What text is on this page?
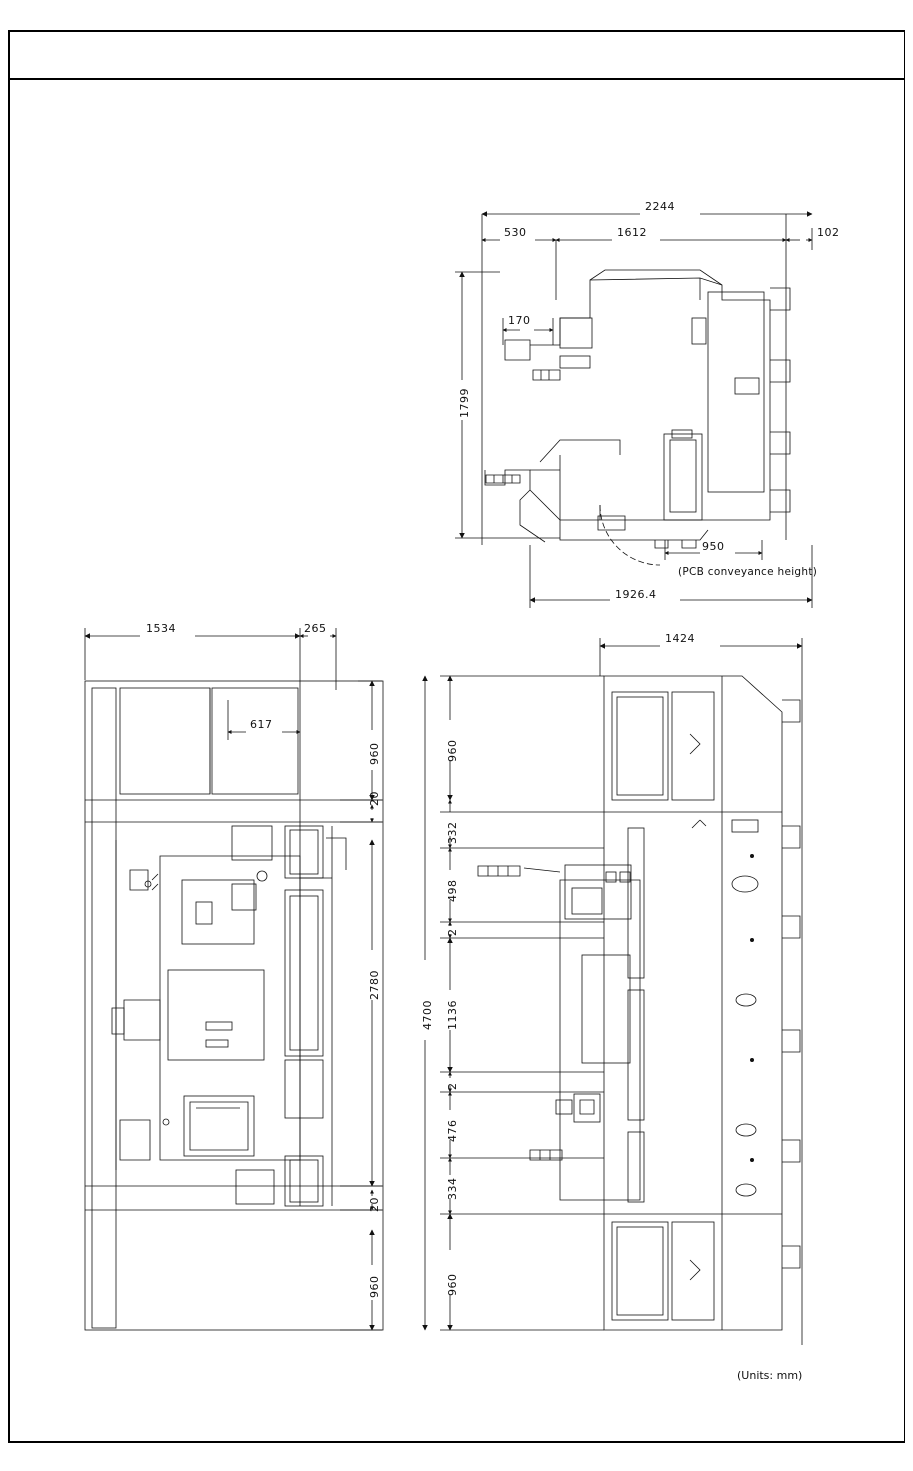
2244
530	1612	102
170
1799
950
(PCB conveyance height)
1926.4
1534	265
617
960
20
2780
20
960
1424
4700
960
332
498
2
1136
2
476
334
960
(Units: mm)
